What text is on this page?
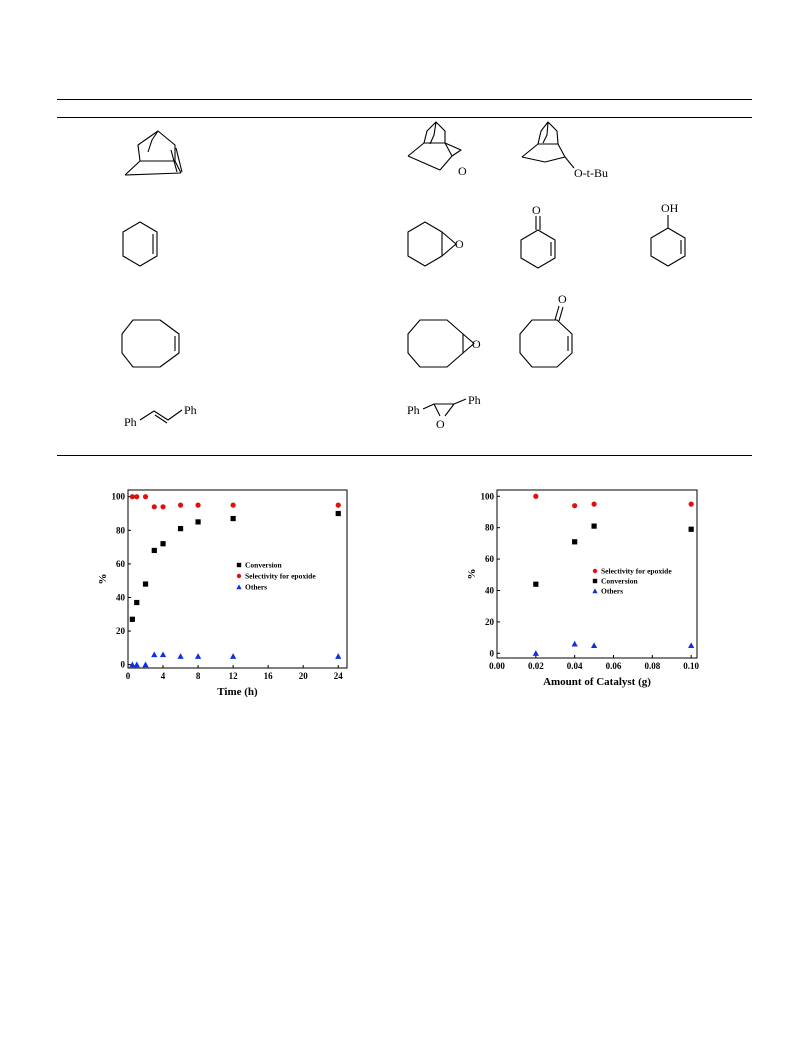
O	O-t-Bu
O
O	OH
O
O
Ph
Ph	Ph
Ph
O
0	4	8	12	16	20	24
0
20
40
60
80
100
Time (h)
%
Conversion
Selectivity for epoxide
Others
0.00	0.02	0.04	0.06	0.08	0.10
0
20
40
60
80
100
Amount of Catalyst (g)
%	Selectivity for epoxide
Conversion
Others
